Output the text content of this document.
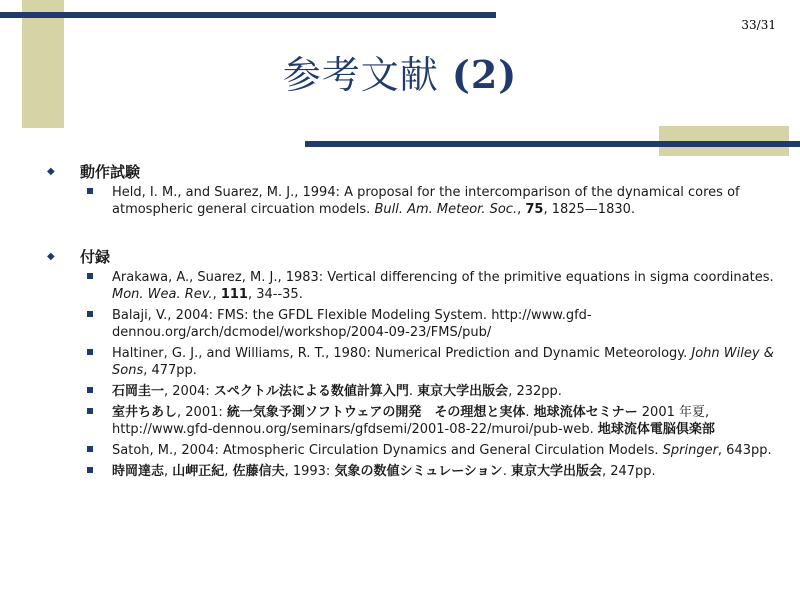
33/31
参考文献 (2)
◆ 動作試験
Held, I. M., and Suarez, M. J., 1994: A proposal for the intercomparison of the dynamical cores of atmospheric general circuation models. Bull. Am. Meteor. Soc., 75, 1825—1830.
◆ 付録
Arakawa, A., Suarez, M. J., 1983: Vertical differencing of the primitive equations in sigma coordinates. Mon. Wea. Rev., 111, 34--35.
Balaji, V., 2004: FMS: the GFDL Flexible Modeling System. http://www.gfd-dennou.org/arch/dcmodel/workshop/2004-09-23/FMS/pub/
Haltiner, G. J., and Williams, R. T., 1980: Numerical Prediction and Dynamic Meteorology. John Wiley & Sons, 477pp.
石岡圭一, 2004: スペクトル法による数値計算入門. 東京大学出版会, 232pp.
室井ちあし, 2001: 統一気象予測ソフトウェアの開発　その理想と実体. 地球流体セミナー 2001 年夏, http://www.gfd-dennou.org/seminars/gfdsemi/2001-08-22/muroi/pub-web. 地球流体電脳倶楽部
Satoh, M., 2004: Atmospheric Circulation Dynamics and General Circulation Models. Springer, 643pp.
時岡達志, 山岬正紀, 佐藤信夫, 1993: 気象の数値シミュレーション. 東京大学出版会, 247pp.
